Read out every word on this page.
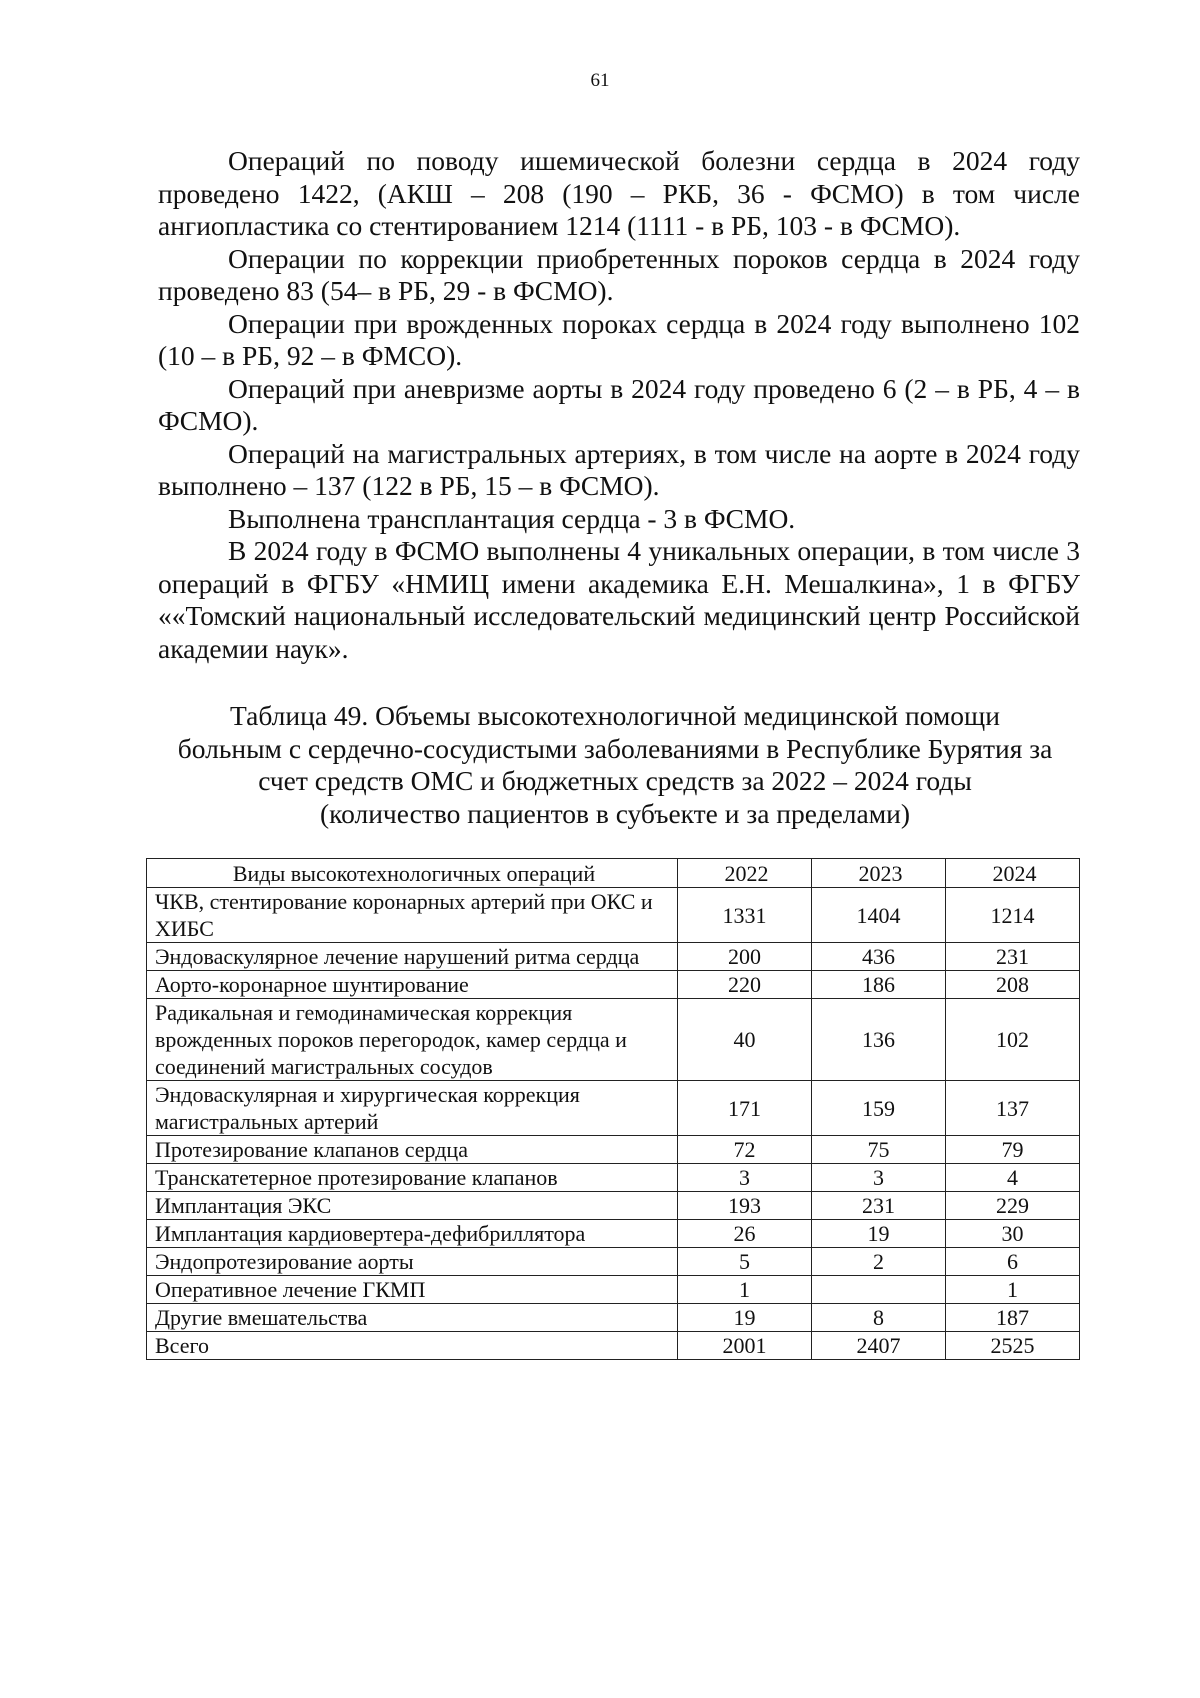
61

Операций по поводу ишемической болезни сердца в 2024 году проведено 1422, (АКШ – 208 (190 – РКБ, 36 - ФСМО) в том числе ангиопластика со стентированием 1214 (1111 - в РБ, 103 - в ФСМО).

Операции по коррекции приобретенных пороков сердца в 2024 году проведено 83 (54– в РБ, 29 - в ФСМО).

Операции при врожденных пороках сердца в 2024 году выполнено 102 (10 – в РБ, 92 – в ФМСО).

Операций при аневризме аорты в 2024 году проведено 6 (2 – в РБ, 4 – в ФСМО).

Операций на магистральных артериях, в том числе на аорте в 2024 году выполнено – 137 (122 в РБ, 15 – в ФСМО).

Выполнена трансплантация сердца - 3 в ФСМО.

В 2024 году в ФСМО выполнены 4 уникальных операции, в том числе 3 операций в ФГБУ «НМИЦ имени академика Е.Н. Мешалкина», 1 в ФГБУ ««Томский национальный исследовательский медицинский центр Российской академии наук».

Таблица 49. Объемы высокотехнологичной медицинской помощи
больным с сердечно-сосудистыми заболеваниями в Республике Бурятия за
счет средств ОМС и бюджетных средств за 2022 – 2024 годы
(количество пациентов в субъекте и за пределами)
Виды высокотехнологичных операций	2022	2023	2024
ЧКВ, стентирование коронарных артерий при ОКС и ХИБС	1331	1404	1214
Эндоваскулярное лечение нарушений ритма сердца	200	436	231
Аорто-коронарное шунтирование	220	186	208
Радикальная и гемодинамическая коррекция врожденных пороков перегородок, камер сердца и соединений магистральных сосудов	40	136	102
Эндоваскулярная и хирургическая коррекция магистральных артерий	171	159	137
Протезирование клапанов сердца	72	75	79
Транскатетерное протезирование клапанов	3	3	4
Имплантация ЭКС	193	231	229
Имплантация кардиовертера-дефибриллятора	26	19	30
Эндопротезирование аорты	5	2	6
Оперативное лечение ГКМП	1		1
Другие вмешательства	19	8	187
Всего	2001	2407	2525
